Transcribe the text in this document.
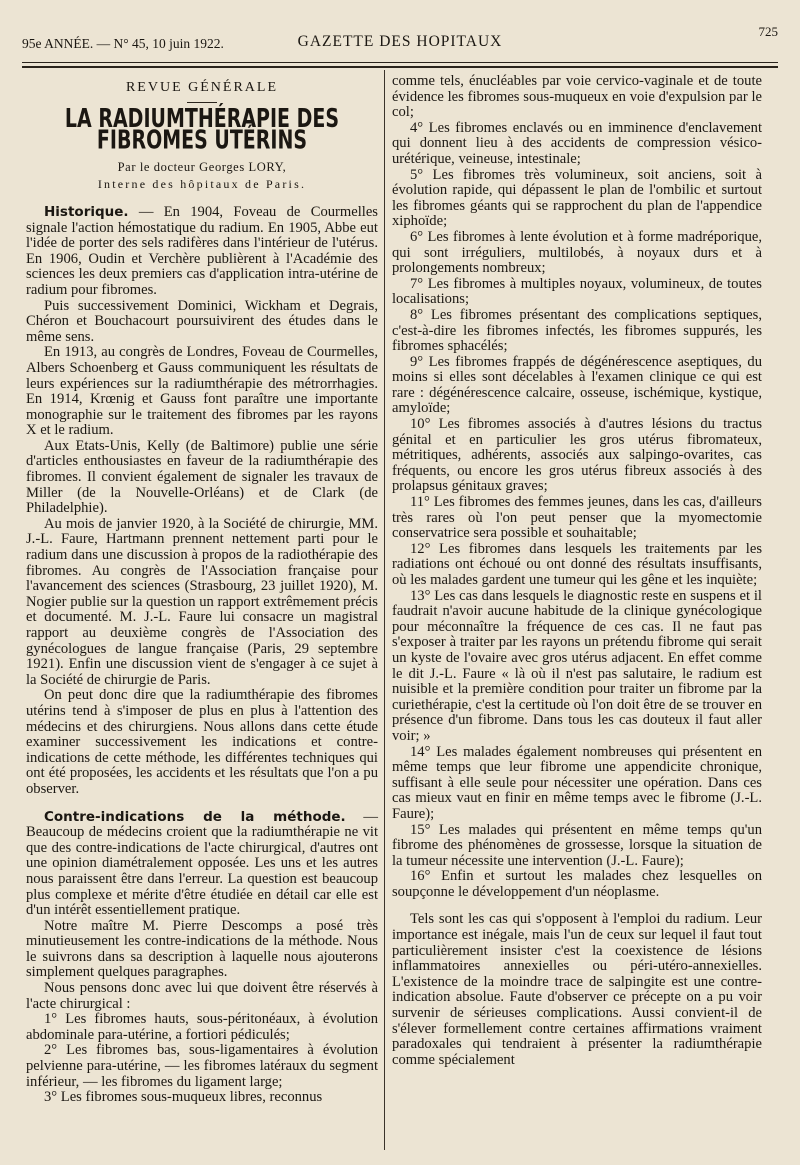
95e ANNÉE. — N° 45, 10 juin 1922.	GAZETTE DES HOPITAUX
725
REVUE GÉNÉRALE
LA RADIUMTHÉRAPIE DES FIBROMES UTÉRINS
Par le docteur Georges LORY,
Interne des hôpitaux de Paris.

Historique. — En 1904, Foveau de Courmelles signale l'action hémostatique du radium. En 1905, Abbe eut l'idée de porter des sels radifères dans l'intérieur de l'utérus. En 1906, Oudin et Verchère publièrent à l'Académie des sciences les deux premiers cas d'application intra-utérine de radium pour fibromes.

Puis successivement Dominici, Wickham et Degrais, Chéron et Bouchacourt poursuivirent des études dans le même sens.

En 1913, au congrès de Londres, Foveau de Courmelles, Albers Schoenberg et Gauss communiquent les résultats de leurs expériences sur la radiumthérapie des métrorrhagies. En 1914, Krœnig et Gauss font paraître une importante monographie sur le traitement des fibromes par les rayons X et le radium.

Aux Etats-Unis, Kelly (de Baltimore) publie une série d'articles enthousiastes en faveur de la radiumthérapie des fibromes. Il convient également de signaler les travaux de Miller (de la Nouvelle-Orléans) et de Clark (de Philadelphie).

Au mois de janvier 1920, à la Société de chirurgie, MM. J.-L. Faure, Hartmann prennent nettement parti pour le radium dans une discussion à propos de la radiothérapie des fibromes. Au congrès de l'Association française pour l'avancement des sciences (Strasbourg, 23 juillet 1920), M. Nogier publie sur la question un rapport extrêmement précis et documenté. M. J.-L. Faure lui consacre un magistral rapport au deuxième congrès de l'Association des gynécologues de langue française (Paris, 29 septembre 1921). Enfin une discussion vient de s'engager à ce sujet à la Société de chirurgie de Paris.

On peut donc dire que la radiumthérapie des fibromes utérins tend à s'imposer de plus en plus à l'attention des médecins et des chirurgiens. Nous allons dans cette étude examiner successivement les indications et contre-indications de cette méthode, les différentes techniques qui ont été proposées, les accidents et les résultats que l'on a pu observer.

Contre-indications de la méthode. — Beaucoup de médecins croient que la radiumthérapie ne vit que des contre-indications de l'acte chirurgical, d'autres ont une opinion diamétralement opposée. Les uns et les autres nous paraissent être dans l'erreur. La question est beaucoup plus complexe et mérite d'être étudiée en détail car elle est d'un intérêt essentiellement pratique.

Notre maître M. Pierre Descomps a posé très minutieusement les contre-indications de la méthode. Nous le suivrons dans sa description à laquelle nous ajouterons simplement quelques paragraphes.

Nous pensons donc avec lui que doivent être réservés à l'acte chirurgical :

1° Les fibromes hauts, sous-péritonéaux, à évolution abdominale para-utérine, a fortiori pédiculés;

2° Les fibromes bas, sous-ligamentaires à évolution pelvienne para-utérine, — les fibromes latéraux du segment inférieur, — les fibromes du ligament large;

3° Les fibromes sous-muqueux libres, reconnus

comme tels, énucléables par voie cervico-vaginale et de toute évidence les fibromes sous-muqueux en voie d'expulsion par le col;

4° Les fibromes enclavés ou en imminence d'enclavement qui donnent lieu à des accidents de compression vésico-urétérique, veineuse, intestinale;

5° Les fibromes très volumineux, soit anciens, soit à évolution rapide, qui dépassent le plan de l'ombilic et surtout les fibromes géants qui se rapprochent du plan de l'appendice xiphoïde;

6° Les fibromes à lente évolution et à forme madréporique, qui sont irréguliers, multilobés, à noyaux durs et à prolongements nombreux;

7° Les fibromes à multiples noyaux, volumineux, de toutes localisations;

8° Les fibromes présentant des complications septiques, c'est-à-dire les fibromes infectés, les fibromes suppurés, les fibromes sphacélés;

9° Les fibromes frappés de dégénérescence aseptiques, du moins si elles sont décelables à l'examen clinique ce qui est rare : dégénérescence calcaire, osseuse, ischémique, kystique, amyloïde;

10° Les fibromes associés à d'autres lésions du tractus génital et en particulier les gros utérus fibromateux, métritiques, adhérents, associés aux salpingo-ovarites, cas fréquents, ou encore les gros utérus fibreux associés à des prolapsus génitaux graves;

11° Les fibromes des femmes jeunes, dans les cas, d'ailleurs très rares où l'on peut penser que la myomectomie conservatrice sera possible et souhaitable;

12° Les fibromes dans lesquels les traitements par les radiations ont échoué ou ont donné des résultats insuffisants, où les malades gardent une tumeur qui les gêne et les inquiète;

13° Les cas dans lesquels le diagnostic reste en suspens et il faudrait n'avoir aucune habitude de la clinique gynécologique pour méconnaître la fréquence de ces cas. Il ne faut pas s'exposer à traiter par les rayons un prétendu fibrome qui serait un kyste de l'ovaire avec gros utérus adjacent. En effet comme le dit J.-L. Faure « là où il n'est pas salutaire, le radium est nuisible et la première condition pour traiter un fibrome par la curiethérapie, c'est la certitude où l'on doit être de se trouver en présence d'un fibrome. Dans tous les cas douteux il faut aller voir; »

14° Les malades également nombreuses qui présentent en même temps que leur fibrome une appendicite chronique, suffisant à elle seule pour nécessiter une opération. Dans ces cas mieux vaut en finir en même temps avec le fibrome (J.-L. Faure);

15° Les malades qui présentent en même temps qu'un fibrome des phénomènes de grossesse, lorsque la situation de la tumeur nécessite une intervention (J.-L. Faure);

16° Enfin et surtout les malades chez lesquelles on soupçonne le développement d'un néoplasme.

Tels sont les cas qui s'opposent à l'emploi du radium. Leur importance est inégale, mais l'un de ceux sur lequel il faut tout particulièrement insister c'est la coexistence de lésions inflammatoires annexielles ou péri-utéro-annexielles. L'existence de la moindre trace de salpingite est une contre-indication absolue. Faute d'observer ce précepte on a pu voir survenir de sérieuses complications. Aussi convient-il de s'élever formellement contre certaines affirmations vraiment paradoxales qui tendraient à présenter la radiumthérapie comme spécialement
